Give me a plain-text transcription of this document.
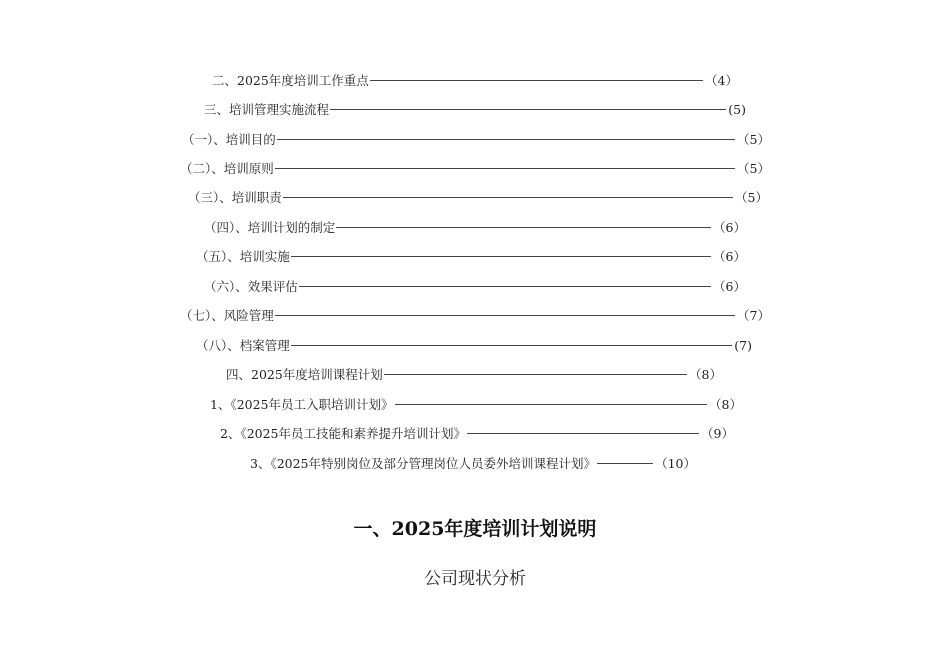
二、2025年度培训工作重点	（4）
三、培训管理实施流程	(5)
（一）、培训目的	（5）
（二）、培训原则	（5）
（三）、培训职责	（5）
（四）、培训计划的制定	（6）
（五）、培训实施	（6）
（六）、效果评估	（6）
（七）、风险管理	（7）
（八）、档案管理	(7)
四、2025年度培训课程计划	（8）
1、《2025年员工入职培训计划》	（8）
2、《2025年员工技能和素养提升培训计划》	（9）
3、《2025年特别岗位及部分管理岗位人员委外培训课程计划》	（10）
一、2025年度培训计划说明
公司现状分析
